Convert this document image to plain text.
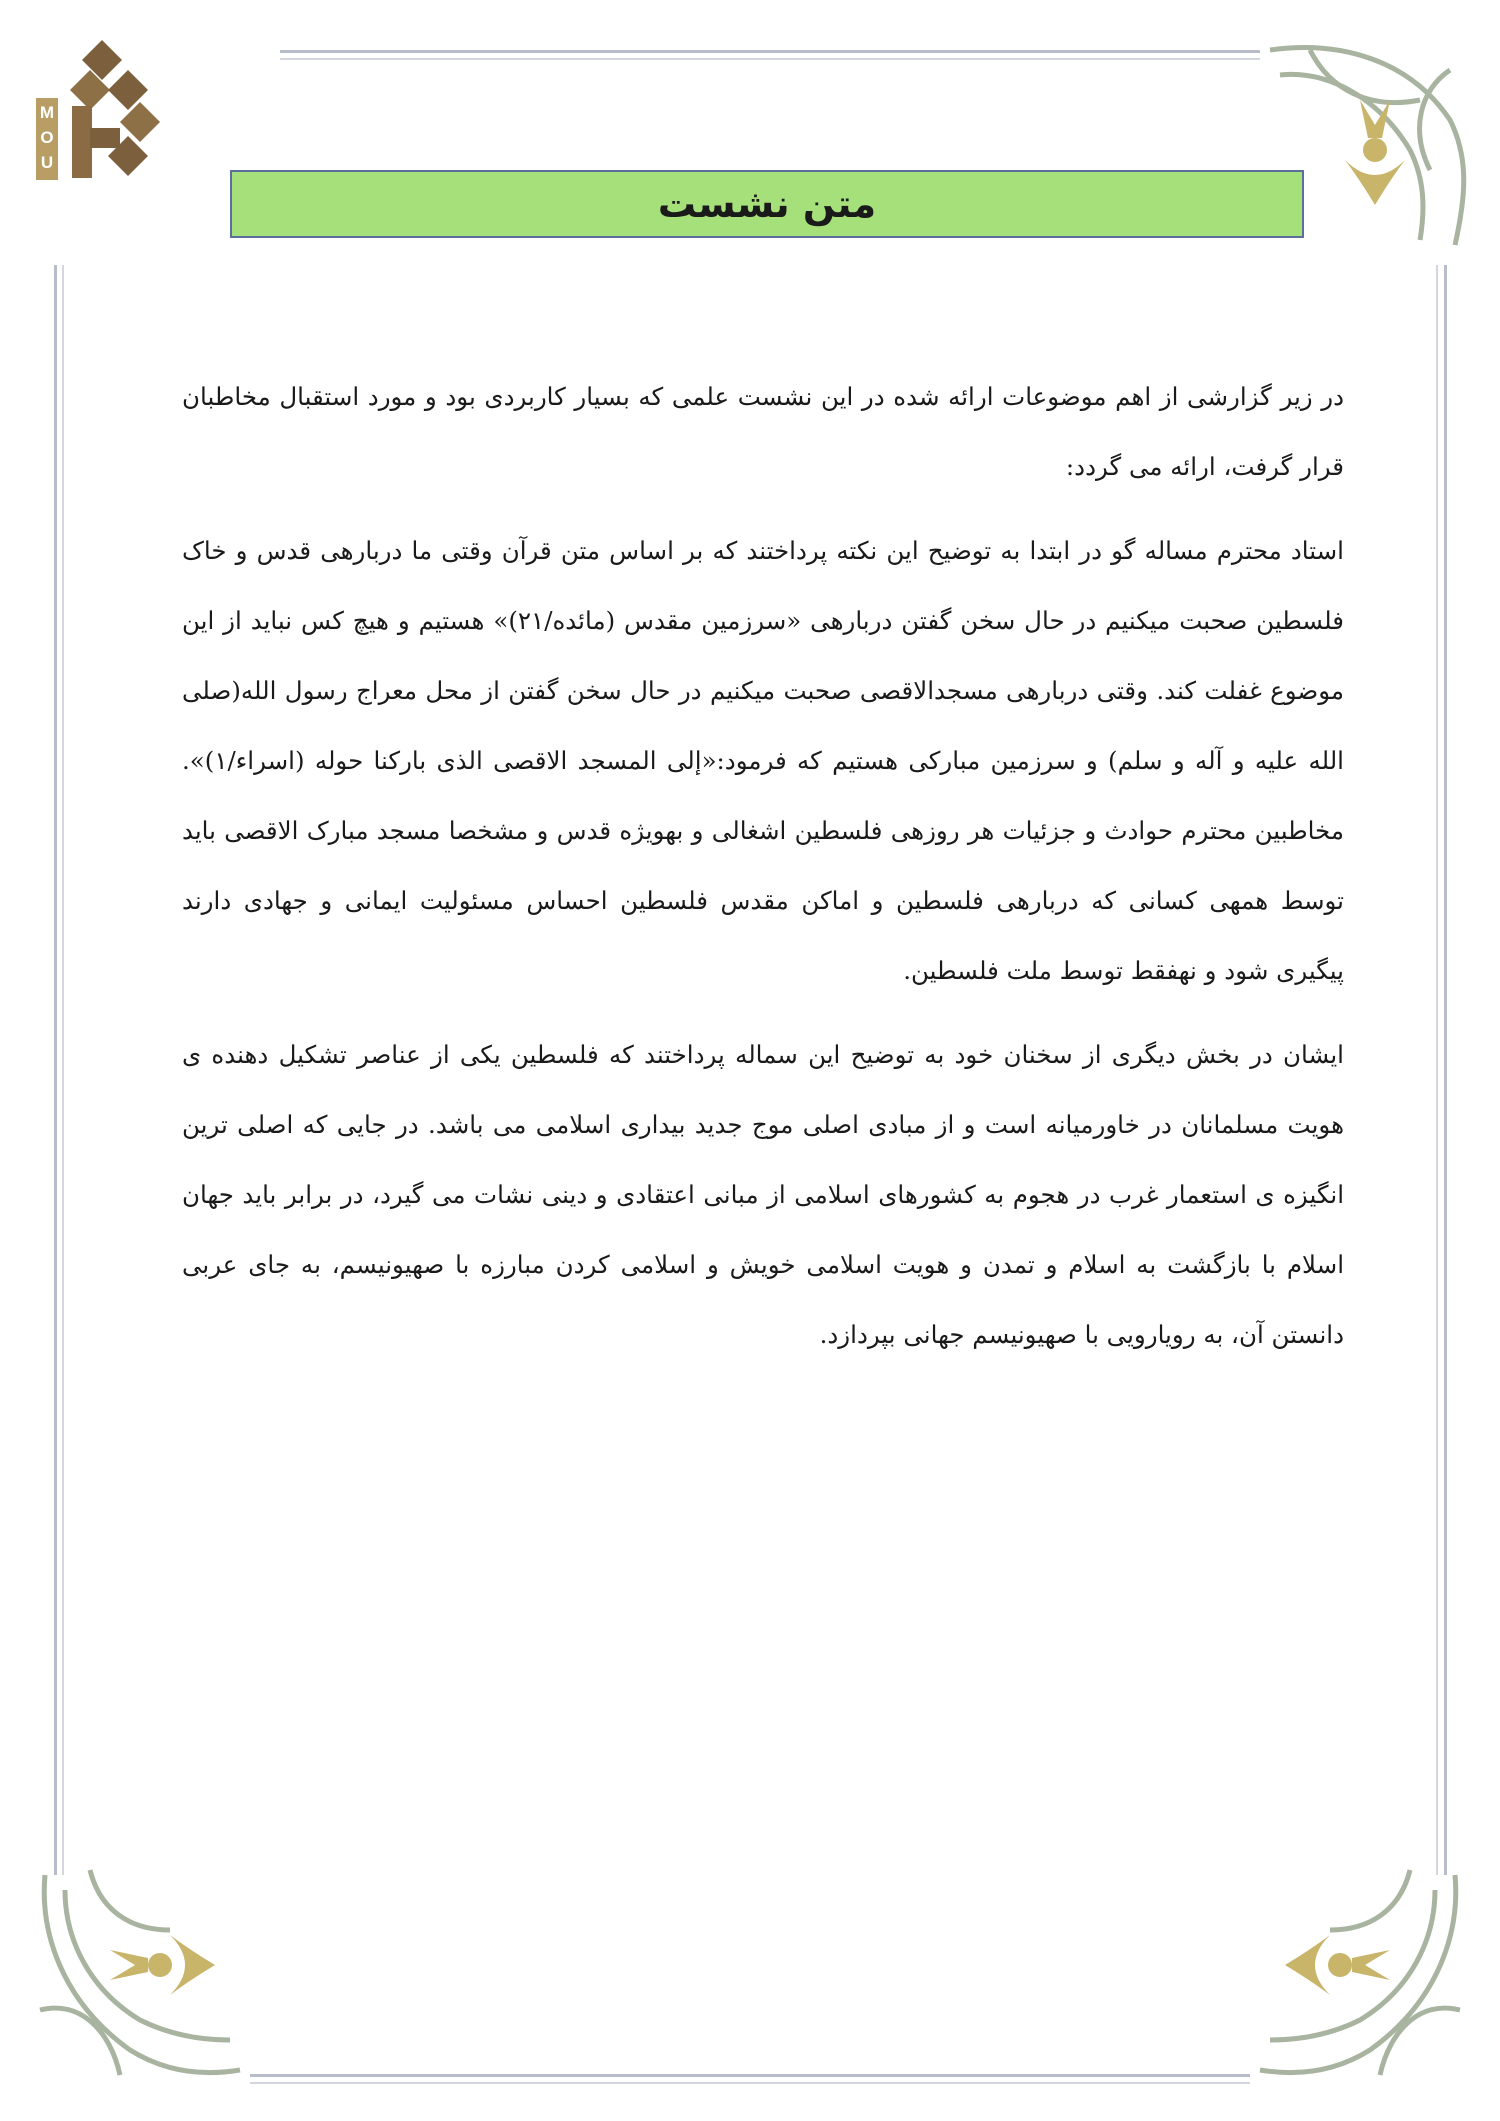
M
O
U
متن نشست

در زیر گزارشی از اهم موضوعات ارائه شده در این نشست علمی که بسیار کاربردی بود و مورد استقبال مخاطبان قرار گرفت، ارائه می گردد:

استاد محترم مساله گو در ابتدا به توضیح این نکته پرداختند که بر اساس متن قرآن وقتی ما دربارهی قدس و خاک فلسطین صحبت میکنیم در حال سخن گفتن دربارهی «سرزمین مقدس (مائده/۲۱)» هستیم و هیچ کس نباید از این موضوع غفلت کند. وقتی دربارهی مسجدالاقصی صحبت میکنیم در حال سخن گفتن از محل معراج رسول الله(صلی الله علیه و آله و سلم) و سرزمین مبارکی هستیم که فرمود:«إلی المسجد الاقصی الذی بارکنا حوله (اسراء/۱)». مخاطبین محترم حوادث و جزئیات هر روزهی فلسطین اشغالی و بهویژه قدس و مشخصا مسجد مبارک الاقصی باید توسط همهی کسانی که دربارهی فلسطین و اماکن مقدس فلسطین احساس مسئولیت ایمانی و جهادی دارند پیگیری شود و نهفقط توسط ملت فلسطین.

ایشان در بخش دیگری از سخنان خود به توضیح این سماله پرداختند که فلسطین یکی از عناصر تشکیل دهنده ی هویت مسلمانان در خاورمیانه است و از مبادی اصلی موج جدید بیداری اسلامی می باشد. در جایی که اصلی ترین انگیزه ی استعمار غرب در هجوم به کشورهای اسلامی از مبانی اعتقادی و دینی نشات می گیرد، در برابر باید جهان اسلام با بازگشت به اسلام و تمدن و هویت اسلامی خویش و اسلامی کردن مبارزه با صهیونیسم، به جای عربی دانستن آن، به رویارویی با صهیونیسم جهانی بپردازد.
